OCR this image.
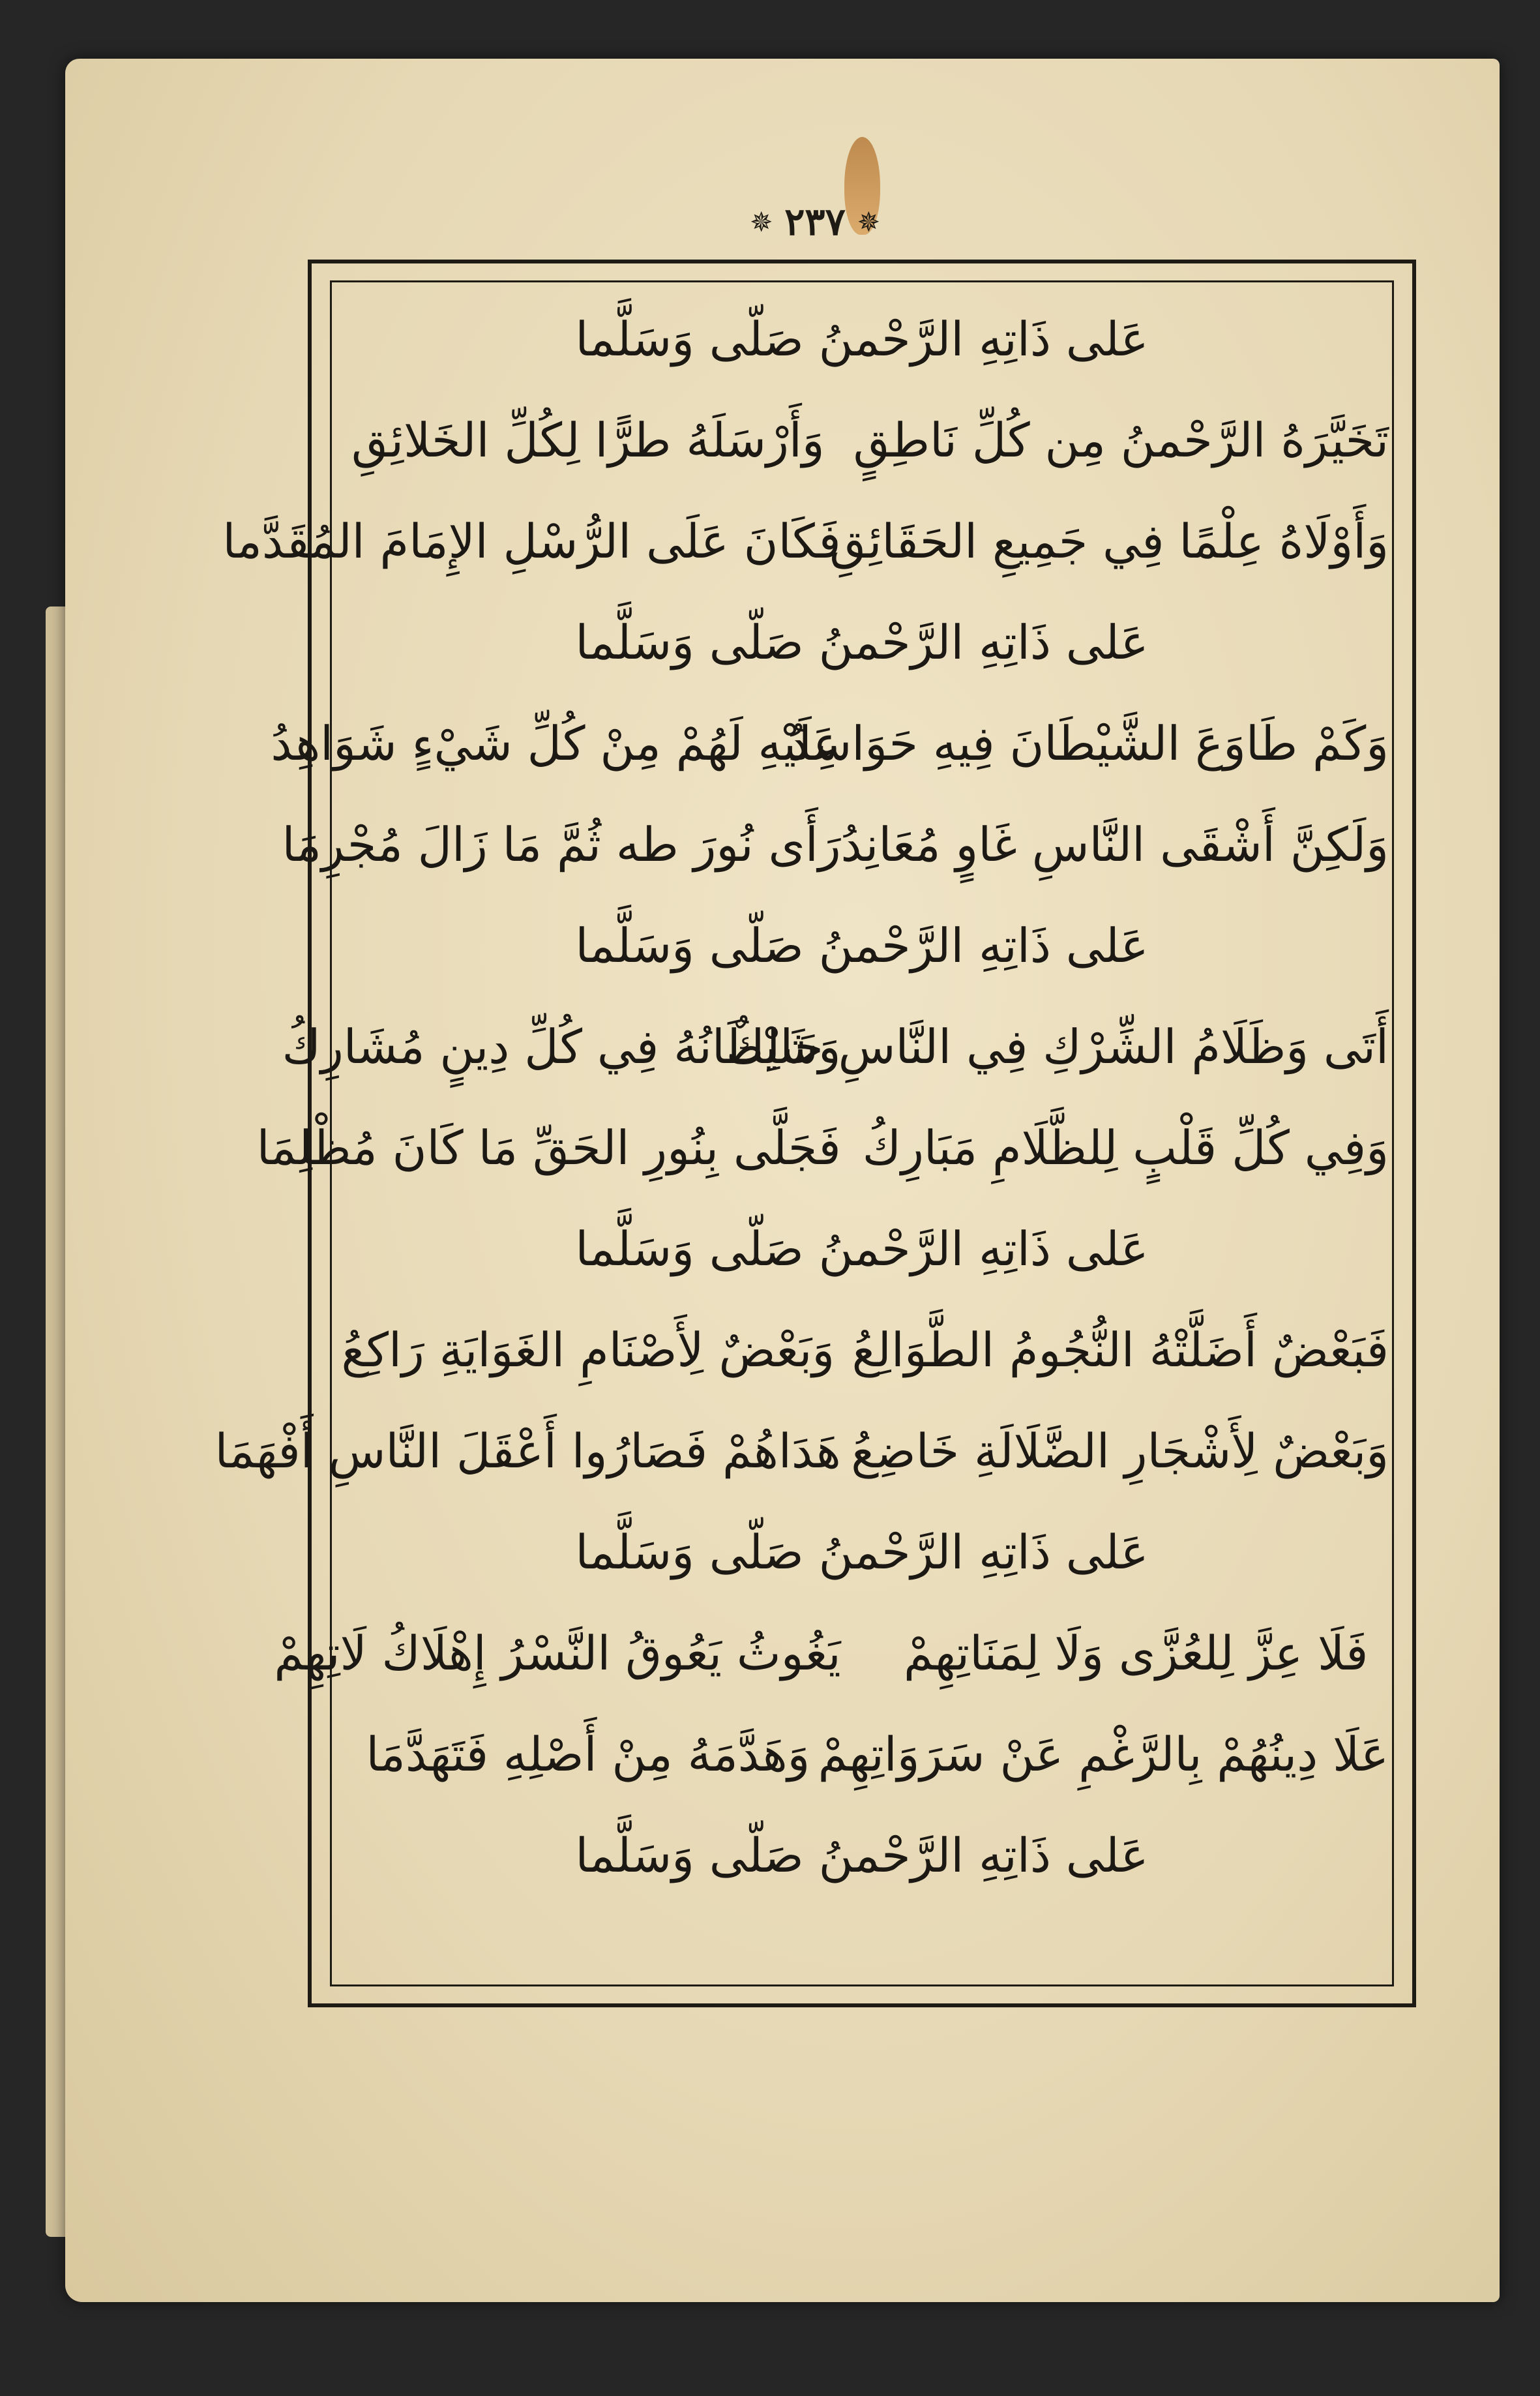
✵
٢٣٧
✵
عَلى ذَاتِهِ الرَّحْمنُ صَلّى وَسَلَّما
تَخَيَّرَهُ الرَّحْمنُ مِن كُلِّ نَاطِقٍ
وَأَرْسَلَهُ طرًّا لِكُلِّ الخَلائِقِ
وَأَوْلَاهُ عِلْمًا فِي جَمِيعِ الحَقَائِقِ
فَكَانَ عَلَى الرُّسْلِ الإِمَامَ المُقَدَّما
عَلى ذَاتِهِ الرَّحْمنُ صَلّى وَسَلَّما
وَكَمْ طَاوَعَ الشَّيْطَانَ فِيهِ حَوَاسِدُ
عَلَيْهِ لَهُمْ مِنْ كُلِّ شَيْءٍ شَوَاهِدُ
وَلَكِنَّ أَشْقَى النَّاسِ غَاوٍ مُعَانِدُ
رَأَى نُورَ طه ثُمَّ مَا زَالَ مُجْرِمَا
عَلى ذَاتِهِ الرَّحْمنُ صَلّى وَسَلَّما
أَتَى وَظَلَامُ الشِّرْكِ فِي النَّاسِ حَالِكٌ
وَشَيْطَانُهُ فِي كُلِّ دِينٍ مُشَارِكُ
وَفِي كُلِّ قَلْبٍ لِلظَّلَامِ مَبَارِكُ
فَجَلَّى بِنُورِ الحَقِّ مَا كَانَ مُظْلِمَا
عَلى ذَاتِهِ الرَّحْمنُ صَلّى وَسَلَّما
فَبَعْضٌ أَضَلَّتْهُ النُّجُومُ الطَّوَالِعُ
وَبَعْضٌ لِأَصْنَامِ الغَوَايَةِ رَاكِعُ
وَبَعْضٌ لِأَشْجَارِ الضَّلَالَةِ خَاضِعُ
هَدَاهُمْ فَصَارُوا أَعْقَلَ النَّاسِ أَفْهَمَا
عَلى ذَاتِهِ الرَّحْمنُ صَلّى وَسَلَّما
فَلَا عِزَّ لِلعُزَّى وَلَا لِمَنَاتِهِمْ
يَغُوثُ يَعُوقُ النَّسْرُ إِهْلَاكُ لَاتِهِمْ
عَلَا دِينُهُمْ بِالرَّغْمِ عَنْ سَرَوَاتِهِمْ
وَهَدَّمَهُ مِنْ أَصْلِهِ فَتَهَدَّمَا
عَلى ذَاتِهِ الرَّحْمنُ صَلّى وَسَلَّما
